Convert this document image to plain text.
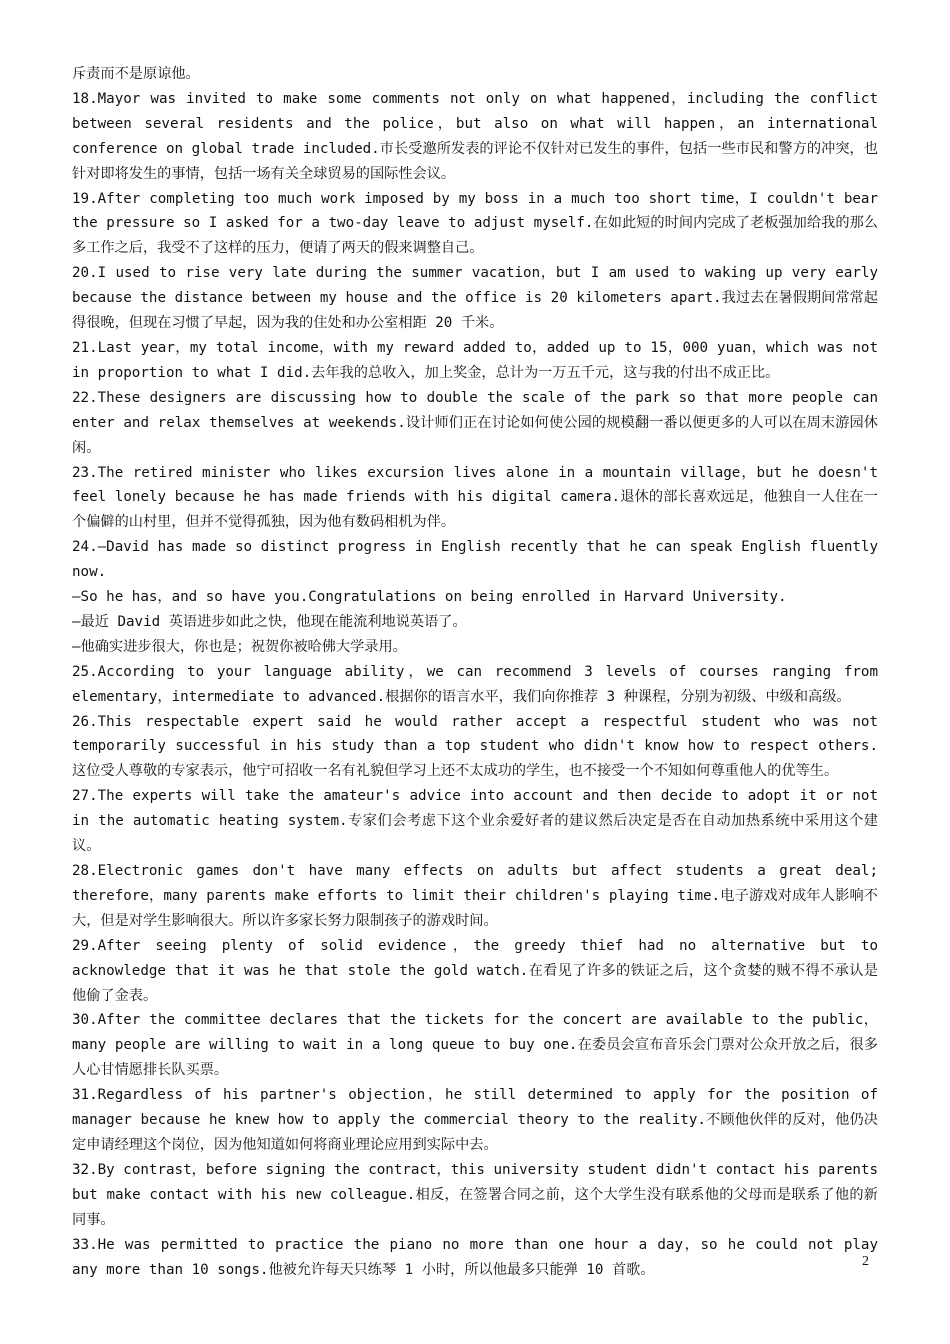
斥责而不是原谅他。

18.Mayor was invited to make some comments not only on what happened，including the conflict between several residents and the police，but also on what will happen，an international conference on global trade included.市长受邀所发表的评论不仅针对已发生的事件，包括一些市民和警方的冲突，也针对即将发生的事情，包括一场有关全球贸易的国际性会议。

19.After completing too much work imposed by my boss in a much too short time，I couldn't bear the pressure so I asked for a two-day leave to adjust myself.在如此短的时间内完成了老板强加给我的那么多工作之后，我受不了这样的压力，便请了两天的假来调整自己。

20.I used to rise very late during the summer vacation，but I am used to waking up very early because the distance between my house and the office is 20 kilometers apart.我过去在暑假期间常常起得很晚，但现在习惯了早起，因为我的住处和办公室相距 20 千米。

21.Last year，my total income，with my reward added to，added up to 15，000 yuan，which was not in proportion to what I did.去年我的总收入，加上奖金，总计为一万五千元，这与我的付出不成正比。

22.These designers are discussing how to double the scale of the park so that more people can enter and relax themselves at weekends.设计师们正在讨论如何使公园的规模翻一番以便更多的人可以在周末游园休闲。

23.The retired minister who likes excursion lives alone in a mountain village，but he doesn't feel lonely because he has made friends with his digital camera.退休的部长喜欢远足，他独自一人住在一个偏僻的山村里，但并不觉得孤独，因为他有数码相机为伴。

24.—David has made so distinct progress in English recently that he can speak English fluently now.

—So he has，and so have you.Congratulations on being enrolled in Harvard University.

—最近 David 英语进步如此之快，他现在能流利地说英语了。

—他确实进步很大，你也是；祝贺你被哈佛大学录用。

25.According to your language ability，we can recommend 3 levels of courses ranging from elementary，intermediate to advanced.根据你的语言水平，我们向你推荐 3 种课程，分别为初级、中级和高级。

26.This respectable expert said he would rather accept a respectful student who was not temporarily successful in his study than a top student who didn't know how to respect others.这位受人尊敬的专家表示，他宁可招收一名有礼貌但学习上还不太成功的学生，也不接受一个不知如何尊重他人的优等生。

27.The experts will take the amateur's advice into account and then decide to adopt it or not in the automatic heating system.专家们会考虑下这个业余爱好者的建议然后决定是否在自动加热系统中采用这个建议。

28.Electronic games don't have many effects on adults but affect students a great deal; therefore，many parents make efforts to limit their children's playing time.电子游戏对成年人影响不大，但是对学生影响很大。所以许多家长努力限制孩子的游戏时间。

29.After seeing plenty of solid evidence，the greedy thief had no alternative but to acknowledge that it was he that stole the gold watch.在看见了许多的铁证之后，这个贪婪的贼不得不承认是他偷了金表。

30.After the committee declares that the tickets for the concert are available to the public，many people are willing to wait in a long queue to buy one.在委员会宣布音乐会门票对公众开放之后，很多人心甘情愿排长队买票。

31.Regardless of his partner's objection，he still determined to apply for the position of manager because he knew how to apply the commercial theory to the reality.不顾他伙伴的反对，他仍决定申请经理这个岗位，因为他知道如何将商业理论应用到实际中去。

32.By contrast，before signing the contract，this university student didn't contact his parents but make contact with his new colleague.相反，在签署合同之前，这个大学生没有联系他的父母而是联系了他的新同事。

33.He was permitted to practice the piano no more than one hour a day，so he could not play any more than 10 songs.他被允许每天只练琴 1 小时，所以他最多只能弹 10 首歌。	2
